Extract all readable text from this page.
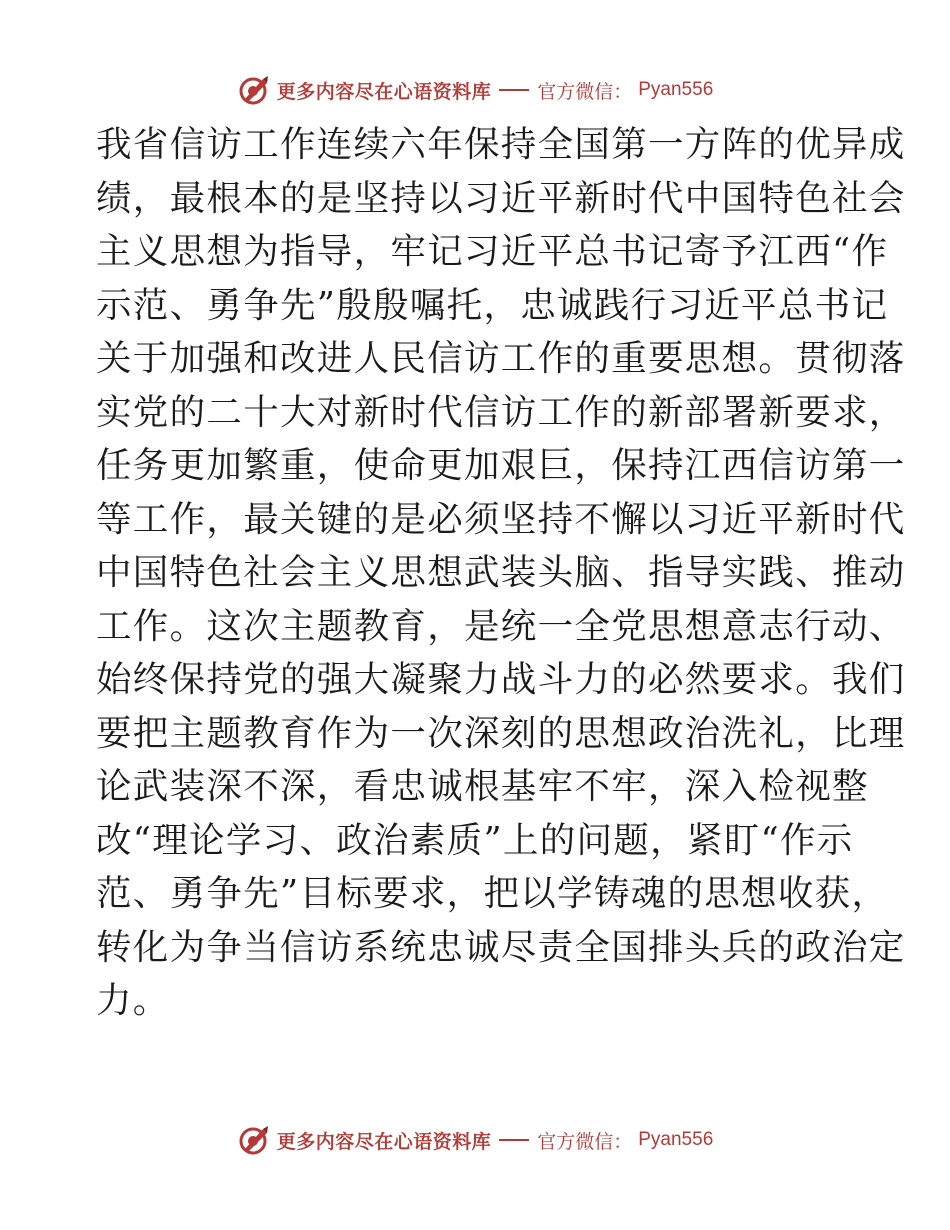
更多内容尽在心语资料库 官方微信： Pyan556
我省信访工作连续六年保持全国第一方阵的优异成
绩，最根本的是坚持以习近平新时代中国特色社会
主义思想为指导，牢记习近平总书记寄予江西“作
示范、勇争先”殷殷嘱托，忠诚践行习近平总书记
关于加强和改进人民信访工作的重要思想。贯彻落
实党的二十大对新时代信访工作的新部署新要求，
任务更加繁重，使命更加艰巨，保持江西信访第一
等工作，最关键的是必须坚持不懈以习近平新时代
中国特色社会主义思想武装头脑、指导实践、推动
工作。这次主题教育，是统一全党思想意志行动、
始终保持党的强大凝聚力战斗力的必然要求。我们
要把主题教育作为一次深刻的思想政治洗礼，比理
论武装深不深，看忠诚根基牢不牢，深入检视整
改“理论学习、政治素质”上的问题，紧盯“作示
范、勇争先”目标要求，把以学铸魂的思想收获，
转化为争当信访系统忠诚尽责全国排头兵的政治定
力。
更多内容尽在心语资料库 官方微信： Pyan556
